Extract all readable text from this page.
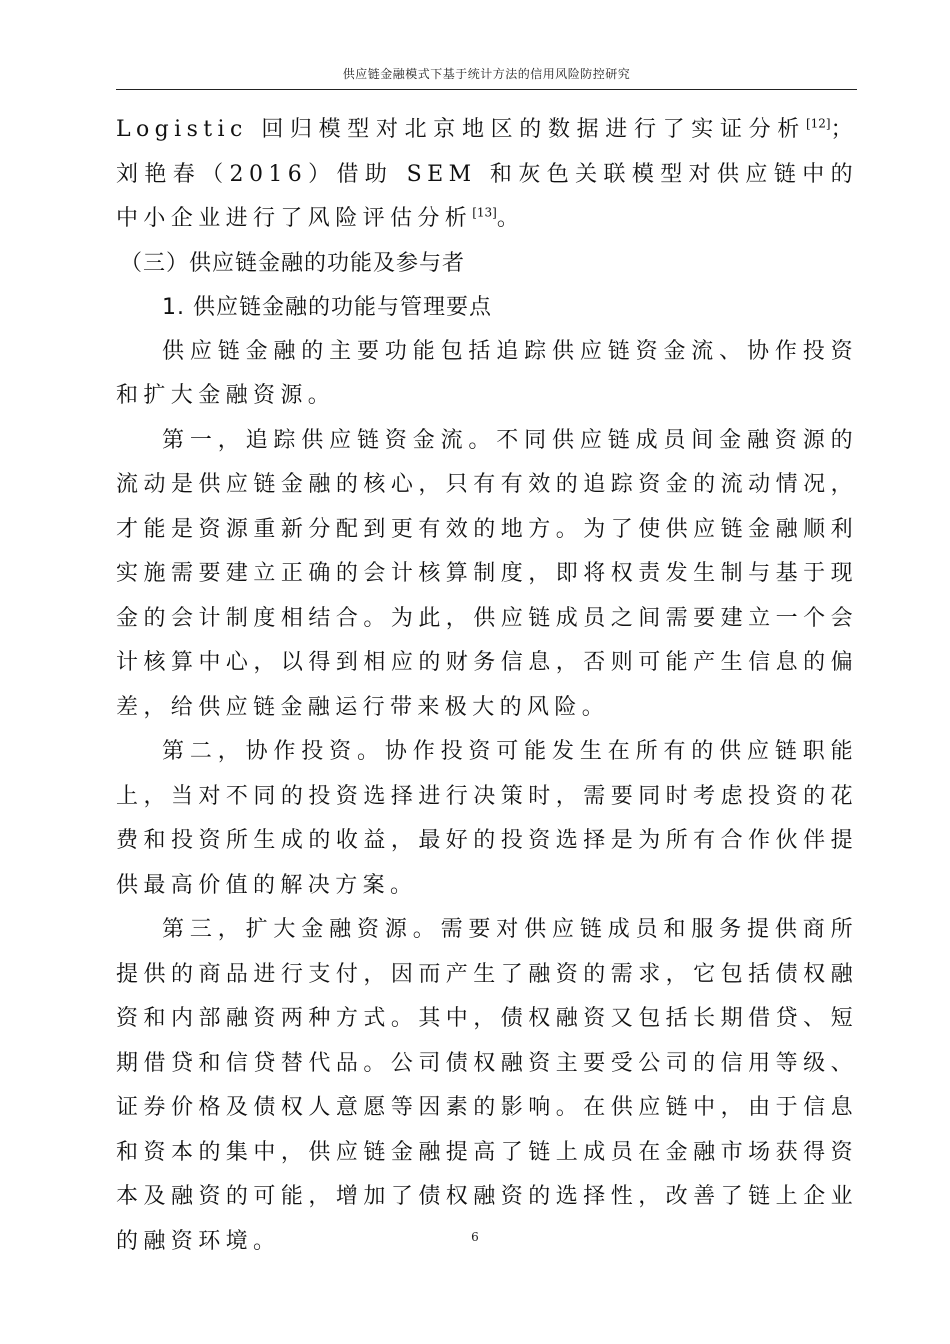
供应链金融模式下基于统计方法的信用风险防控研究

Logistic 回归模型对北京地区的数据进行了实证分析[12]；刘艳春（2016）借助 SEM 和灰色关联模型对供应链中的中小企业进行了风险评估分析[13]。

（三）供应链金融的功能及参与者
1. 供应链金融的功能与管理要点

供应链金融的主要功能包括追踪供应链资金流、协作投资和扩大金融资源。

第一，追踪供应链资金流。不同供应链成员间金融资源的流动是供应链金融的核心，只有有效的追踪资金的流动情况，才能是资源重新分配到更有效的地方。为了使供应链金融顺利实施需要建立正确的会计核算制度，即将权责发生制与基于现金的会计制度相结合。为此，供应链成员之间需要建立一个会计核算中心，以得到相应的财务信息，否则可能产生信息的偏差，给供应链金融运行带来极大的风险。

第二，协作投资。协作投资可能发生在所有的供应链职能上，当对不同的投资选择进行决策时，需要同时考虑投资的花费和投资所生成的收益，最好的投资选择是为所有合作伙伴提供最高价值的解决方案。

第三，扩大金融资源。需要对供应链成员和服务提供商所提供的商品进行支付，因而产生了融资的需求，它包括债权融资和内部融资两种方式。其中，债权融资又包括长期借贷、短期借贷和信贷替代品。公司债权融资主要受公司的信用等级、证券价格及债权人意愿等因素的影响。在供应链中，由于信息和资本的集中，供应链金融提高了链上成员在金融市场获得资本及融资的可能，增加了债权融资的选择性，改善了链上企业的融资环境。	6
